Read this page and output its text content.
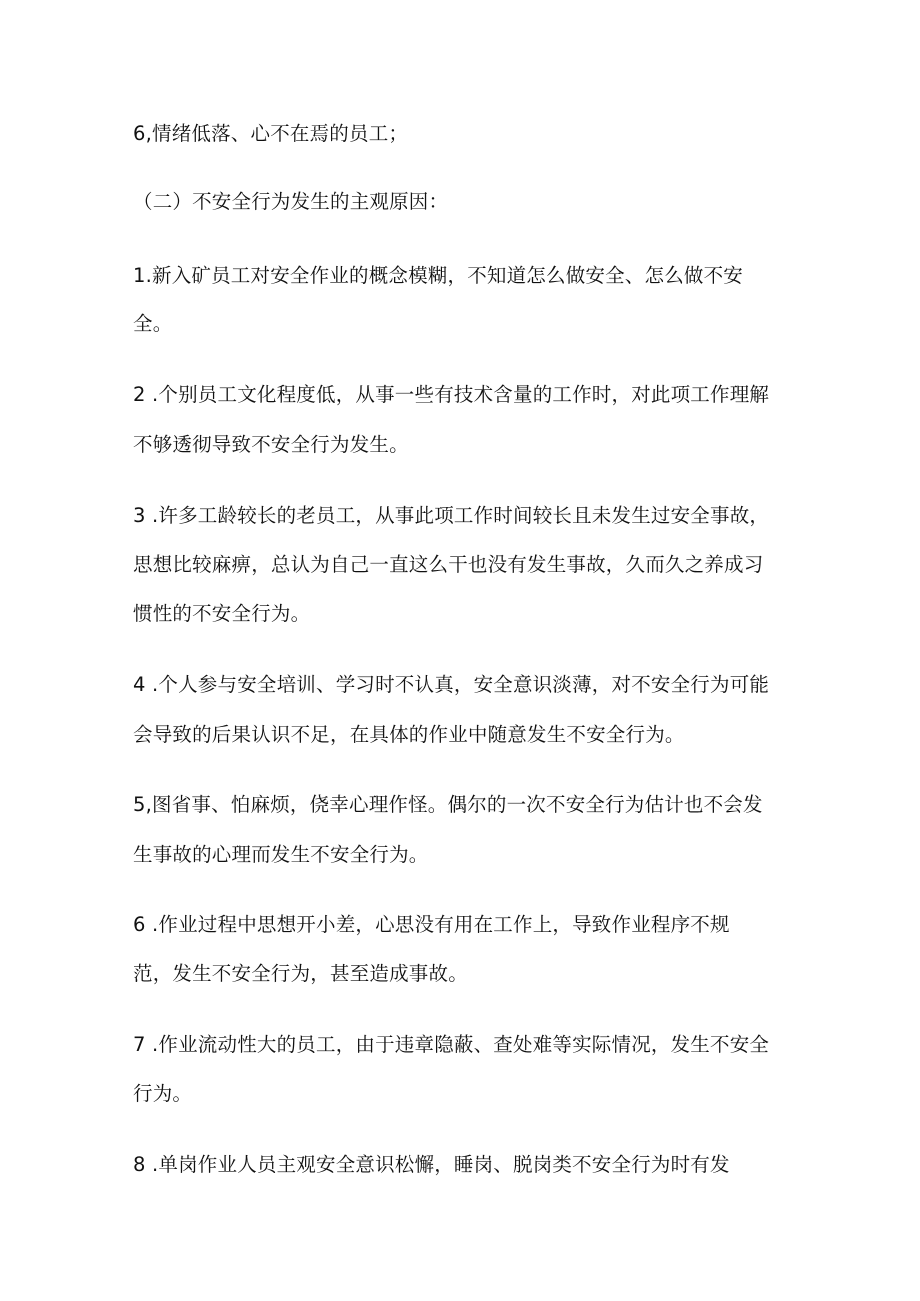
6,情绪低落、心不在焉的员工；
（二）不安全行为发生的主观原因：
1.新入矿员工对安全作业的概念模糊，不知道怎么做安全、怎么做不安
全。
2 .个别员工文化程度低，从事一些有技术含量的工作时，对此项工作理解
不够透彻导致不安全行为发生。
3 .许多工龄较长的老员工，从事此项工作时间较长且未发生过安全事故，
思想比较麻痹，总认为自己一直这么干也没有发生事故，久而久之养成习
惯性的不安全行为。
4 .个人参与安全培训、学习时不认真，安全意识淡薄，对不安全行为可能
会导致的后果认识不足，在具体的作业中随意发生不安全行为。
5,图省事、怕麻烦，侥幸心理作怪。偶尔的一次不安全行为估计也不会发
生事故的心理而发生不安全行为。
6 .作业过程中思想开小差，心思没有用在工作上，导致作业程序不规
范，发生不安全行为，甚至造成事故。
7 .作业流动性大的员工，由于违章隐蔽、查处难等实际情况，发生不安全
行为。
8 .单岗作业人员主观安全意识松懈，睡岗、脱岗类不安全行为时有发
